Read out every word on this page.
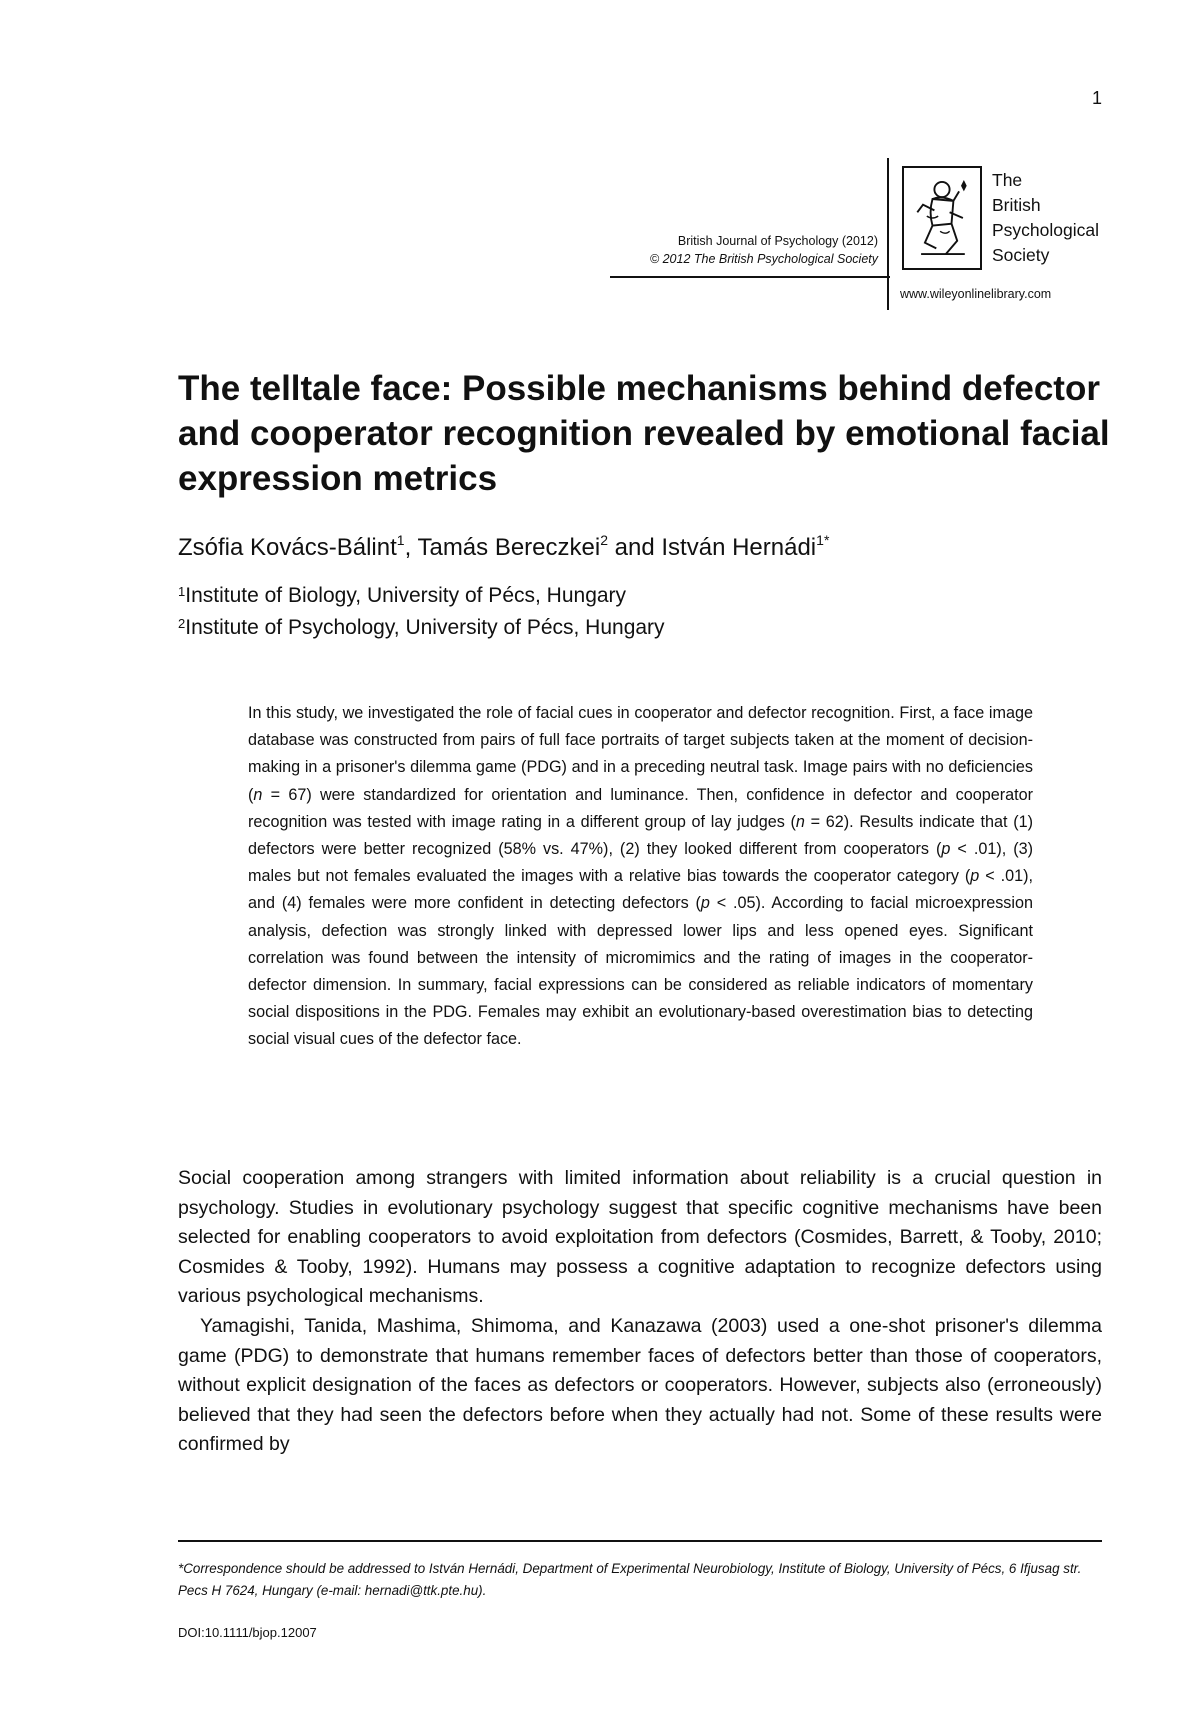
1
British Journal of Psychology (2012)
© 2012 The British Psychological Society
The
British
Psychological
Society
www.wileyonlinelibrary.com
The telltale face: Possible mechanisms behind defector and cooperator recognition revealed by emotional facial expression metrics
Zsófia Kovács-Bálint$^1$, Tamás Bereczkei$^2$ and István Hernádi$^{1*}$
$^1$Institute of Biology, University of Pécs, Hungary
$^2$Institute of Psychology, University of Pécs, Hungary

In this study, we investigated the role of facial cues in cooperator and defector recognition. First, a face image database was constructed from pairs of full face portraits of target subjects taken at the moment of decision-making in a prisoner's dilemma game (PDG) and in a preceding neutral task. Image pairs with no deficiencies (n = 67) were standardized for orientation and luminance. Then, confidence in defector and cooperator recognition was tested with image rating in a different group of lay judges (n = 62). Results indicate that (1) defectors were better recognized (58% vs. 47%), (2) they looked different from cooperators (p < .01), (3) males but not females evaluated the images with a relative bias towards the cooperator category (p < .01), and (4) females were more confident in detecting defectors (p < .05). According to facial microexpression analysis, defection was strongly linked with depressed lower lips and less opened eyes. Significant correlation was found between the intensity of micromimics and the rating of images in the cooperator-defector dimension. In summary, facial expressions can be considered as reliable indicators of momentary social dispositions in the PDG. Females may exhibit an evolutionary-based overestimation bias to detecting social visual cues of the defector face.

Social cooperation among strangers with limited information about reliability is a crucial question in psychology. Studies in evolutionary psychology suggest that specific cognitive mechanisms have been selected for enabling cooperators to avoid exploitation from defectors (Cosmides, Barrett, & Tooby, 2010; Cosmides & Tooby, 1992). Humans may possess a cognitive adaptation to recognize defectors using various psychological mechanisms.

Yamagishi, Tanida, Mashima, Shimoma, and Kanazawa (2003) used a one-shot prisoner's dilemma game (PDG) to demonstrate that humans remember faces of defectors better than those of cooperators, without explicit designation of the faces as defectors or cooperators. However, subjects also (erroneously) believed that they had seen the defectors before when they actually had not. Some of these results were confirmed by

*Correspondence should be addressed to István Hernádi, Department of Experimental Neurobiology, Institute of Biology, University of Pécs, 6 Ifjusag str. Pecs H 7624, Hungary (e-mail: hernadi@ttk.pte.hu).

DOI:10.1111/bjop.12007
